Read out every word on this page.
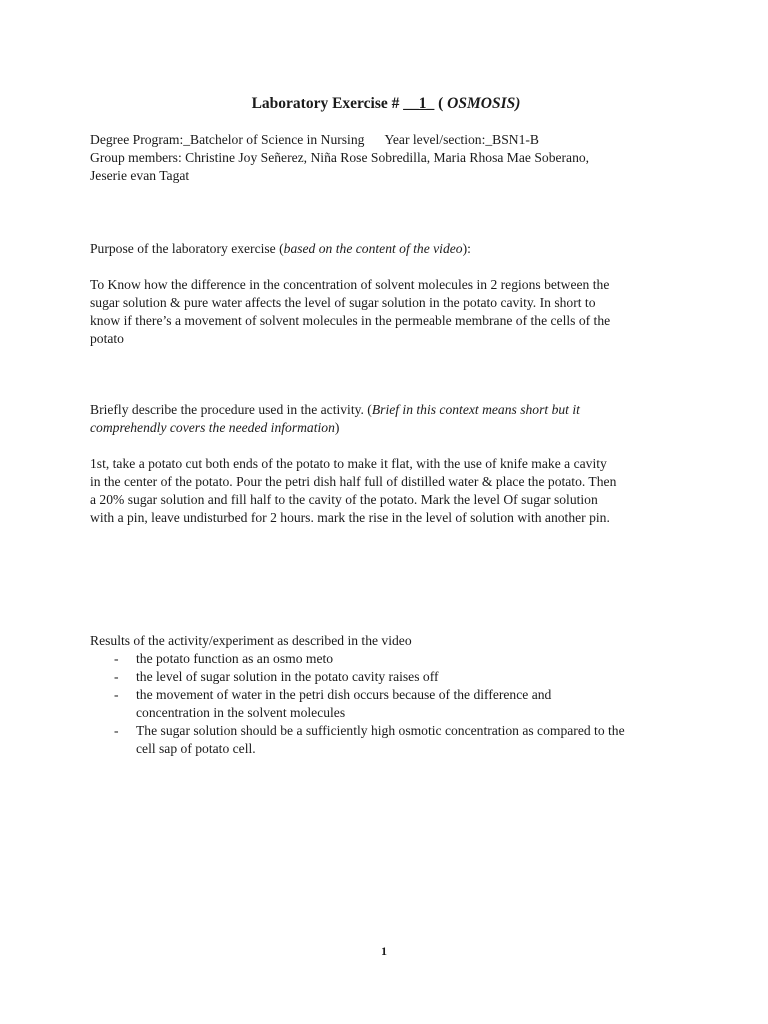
Laboratory Exercise # __1_ ( OSMOSIS)
Degree Program:_Batchelor of Science in Nursing Year level/section:_BSN1-B
Group members: Christine Joy Señerez, Niña Rose Sobredilla, Maria Rhosa Mae Soberano,
Jeserie evan Tagat
Purpose of the laboratory exercise (based on the content of the video):
To Know how the difference in the concentration of solvent molecules in 2 regions between the
sugar solution & pure water affects the level of sugar solution in the potato cavity. In short to
know if there’s a movement of solvent molecules in the permeable membrane of the cells of the
potato
Briefly describe the procedure used in the activity. (Brief in this context means short but it
comprehendly covers the needed information)
1st, take a potato cut both ends of the potato to make it flat, with the use of knife make a cavity
in the center of the potato. Pour the petri dish half full of distilled water & place the potato. Then
a 20% sugar solution and fill half to the cavity of the potato. Mark the level Of sugar solution
with a pin, leave undisturbed for 2 hours. mark the rise in the level of solution with another pin.
Results of the activity/experiment as described in the video
- the potato function as an osmo meto
- the level of sugar solution in the potato cavity raises off
- the movement of water in the petri dish occurs because of the difference and
concentration in the solvent molecules
- The sugar solution should be a sufficiently high osmotic concentration as compared to the
cell sap of potato cell.
1
